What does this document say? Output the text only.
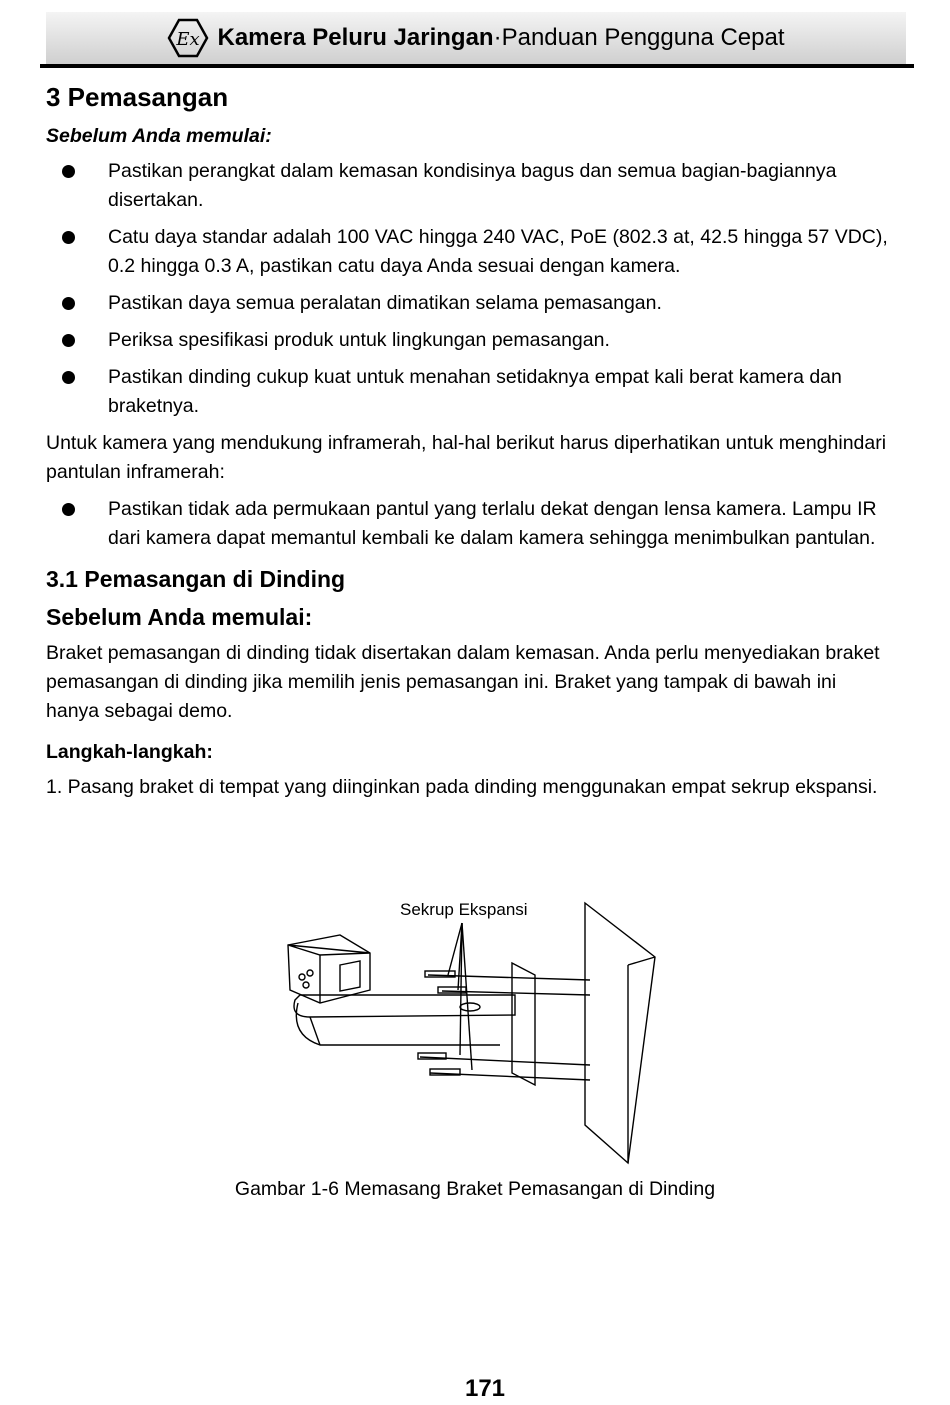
Ex Kamera Peluru Jaringan·Panduan Pengguna Cepat
3 Pemasangan
Sebelum Anda memulai:
Pastikan perangkat dalam kemasan kondisinya bagus dan semua bagian-bagiannya disertakan.
Catu daya standar adalah 100 VAC hingga 240 VAC, PoE (802.3 at, 42.5 hingga 57 VDC), 0.2 hingga 0.3 A, pastikan catu daya Anda sesuai dengan kamera.
Pastikan daya semua peralatan dimatikan selama pemasangan.
Periksa spesifikasi produk untuk lingkungan pemasangan.
Pastikan dinding cukup kuat untuk menahan setidaknya empat kali berat kamera dan braketnya.

Untuk kamera yang mendukung inframerah, hal-hal berikut harus diperhatikan untuk menghindari pantulan inframerah:

Pastikan tidak ada permukaan pantul yang terlalu dekat dengan lensa kamera. Lampu IR dari kamera dapat memantul kembali ke dalam kamera sehingga menimbulkan pantulan.
3.1 Pemasangan di Dinding
Sebelum Anda memulai:

Braket pemasangan di dinding tidak disertakan dalam kemasan. Anda perlu menyediakan braket pemasangan di dinding jika memilih jenis pemasangan ini. Braket yang tampak di bawah ini hanya sebagai demo.

Langkah-langkah:
1. Pasang braket di tempat yang diinginkan pada dinding menggunakan empat sekrup ekspansi.
Sekrup Ekspansi
Gambar 1-6 Memasang Braket Pemasangan di Dinding
171
